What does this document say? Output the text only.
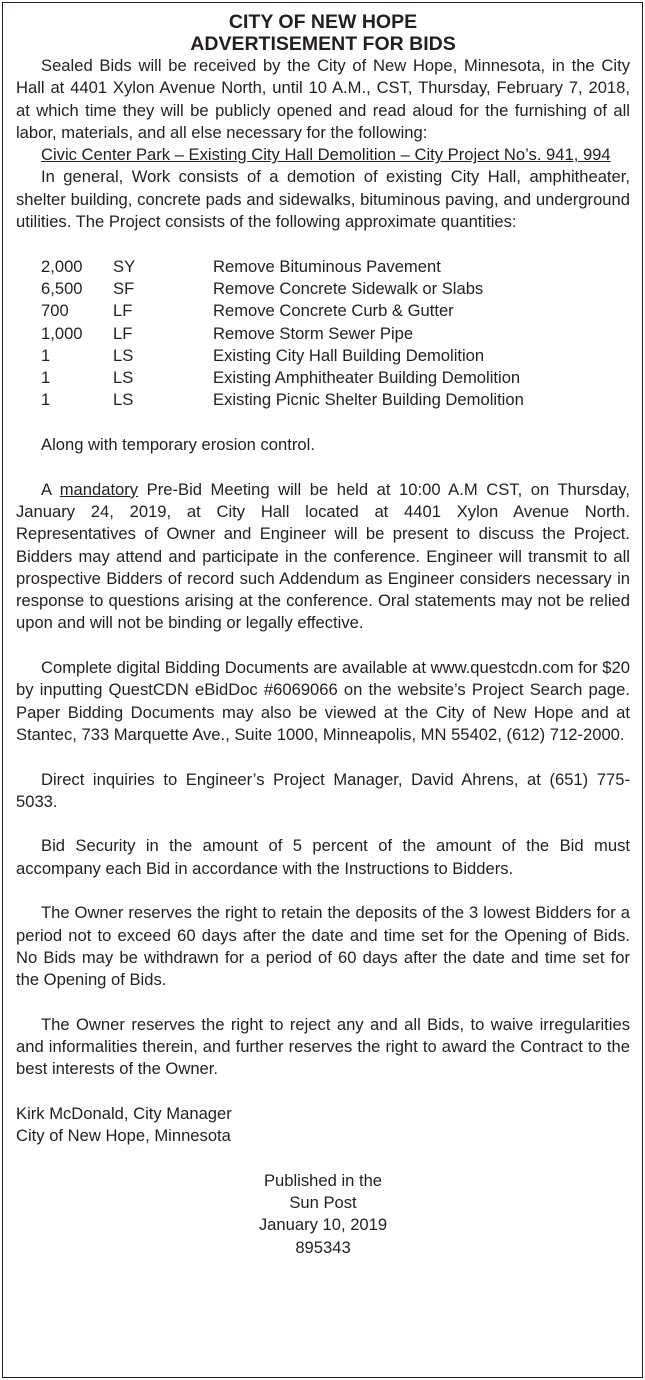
CITY OF NEW HOPE
ADVERTISEMENT FOR BIDS

Sealed Bids will be received by the City of New Hope, Minnesota, in the City Hall at 4401 Xylon Avenue North, until 10 A.M., CST, Thursday, February 7, 2018, at which time they will be publicly opened and read aloud for the furnishing of all labor, materials, and all else necessary for the following:

Civic Center Park – Existing City Hall Demolition – City Project No’s. 941, 994

In general, Work consists of a demotion of existing City Hall, amphitheater, shelter building, concrete pads and sidewalks, bituminous paving, and underground utilities. The Project consists of the following approximate quantities:

2,000	SY	Remove Bituminous Pavement
6,500	SF	Remove Concrete Sidewalk or Slabs
700	LF	Remove Concrete Curb & Gutter
1,000	LF	Remove Storm Sewer Pipe
1	LS	Existing City Hall Building Demolition
1	LS	Existing Amphitheater Building Demolition
1	LS	Existing Picnic Shelter Building Demolition

Along with temporary erosion control.

A mandatory Pre-Bid Meeting will be held at 10:00 A.M CST, on Thursday, January 24, 2019, at City Hall located at 4401 Xylon Avenue North. Representatives of Owner and Engineer will be present to discuss the Project. Bidders may attend and participate in the conference. Engineer will transmit to all prospective Bidders of record such Addendum as Engineer considers necessary in response to questions arising at the conference. Oral statements may not be relied upon and will not be binding or legally effective.

Complete digital Bidding Documents are available at www.questcdn.com for $20 by inputting QuestCDN eBidDoc #6069066 on the website’s Project Search page. Paper Bidding Documents may also be viewed at the City of New Hope and at Stantec, 733 Marquette Ave., Suite 1000, Minneapolis, MN 55402, (612) 712-2000.

Direct inquiries to Engineer’s Project Manager, David Ahrens, at (651) 775-5033.

Bid Security in the amount of 5 percent of the amount of the Bid must accompany each Bid in accordance with the Instructions to Bidders.

The Owner reserves the right to retain the deposits of the 3 lowest Bidders for a period not to exceed 60 days after the date and time set for the Opening of Bids. No Bids may be withdrawn for a period of 60 days after the date and time set for the Opening of Bids.

The Owner reserves the right to reject any and all Bids, to waive irregularities and informalities therein, and further reserves the right to award the Contract to the best interests of the Owner.

Kirk McDonald, City Manager
City of New Hope, Minnesota
Published in the
Sun Post
January 10, 2019
895343
